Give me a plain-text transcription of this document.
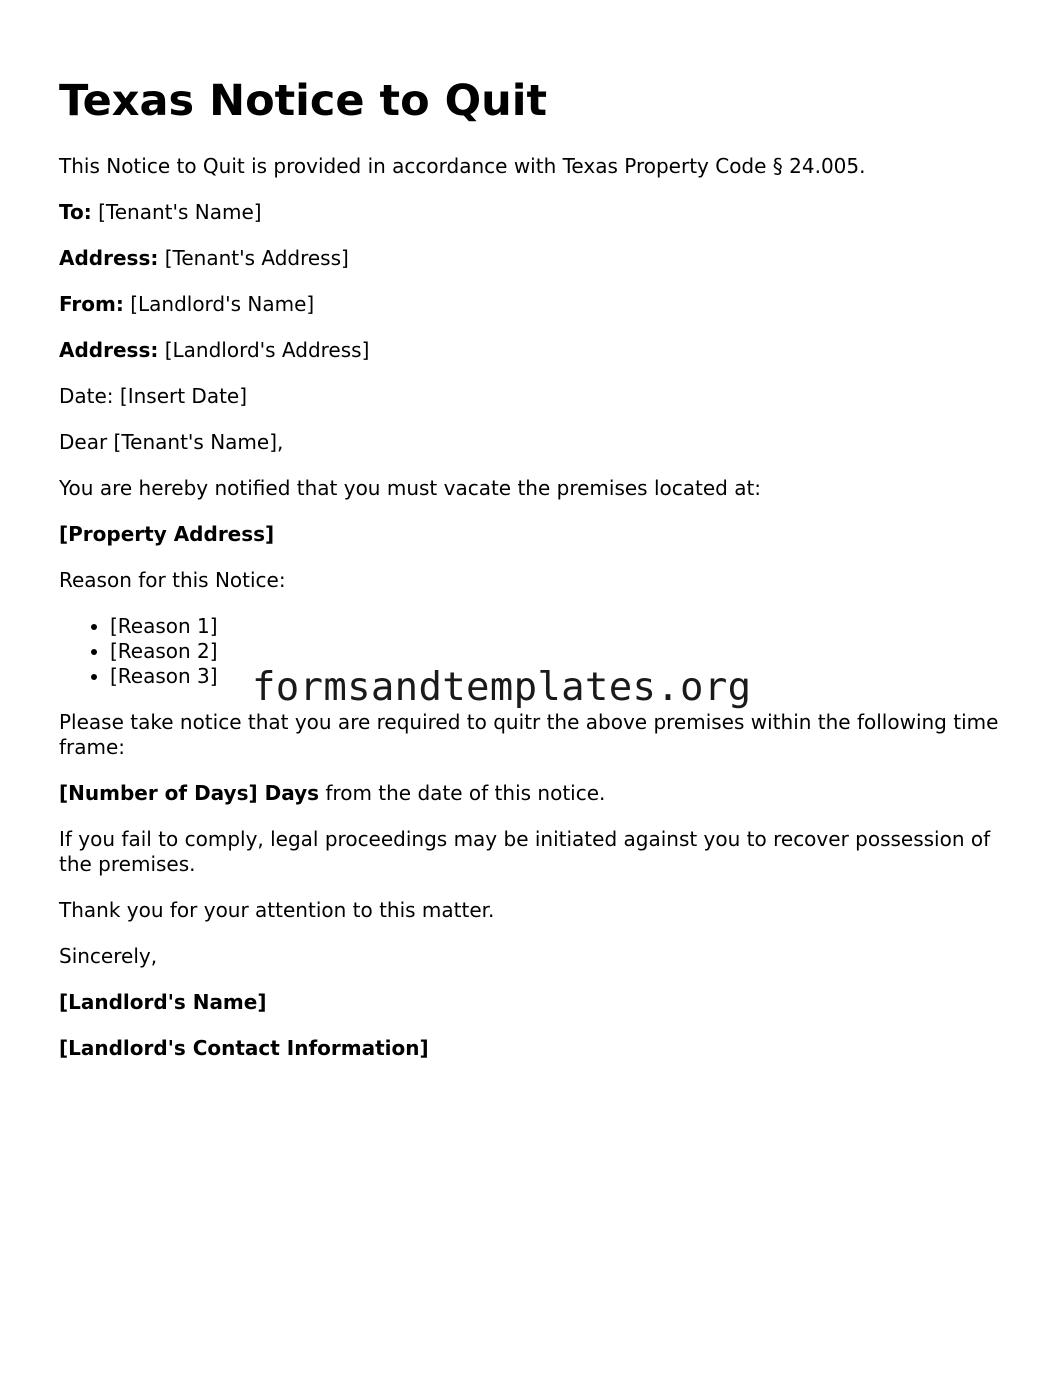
Texas Notice to Quit

This Notice to Quit is provided in accordance with Texas Property Code § 24.005.

To: [Tenant's Name]

Address: [Tenant's Address]

From: [Landlord's Name]

Address: [Landlord's Address]

Date: [Insert Date]

Dear [Tenant's Name],

You are hereby notified that you must vacate the premises located at:

[Property Address]

Reason for this Notice:

• [Reason 1]
• [Reason 2]
• [Reason 3]

Please take notice that you are required to quitr the above premises within the following time frame:

[Number of Days] Days from the date of this notice.

If you fail to comply, legal proceedings may be initiated against you to recover possession of the premises.

Thank you for your attention to this matter.

Sincerely,

[Landlord's Name]

[Landlord's Contact Information]

formsandtemplates.org
